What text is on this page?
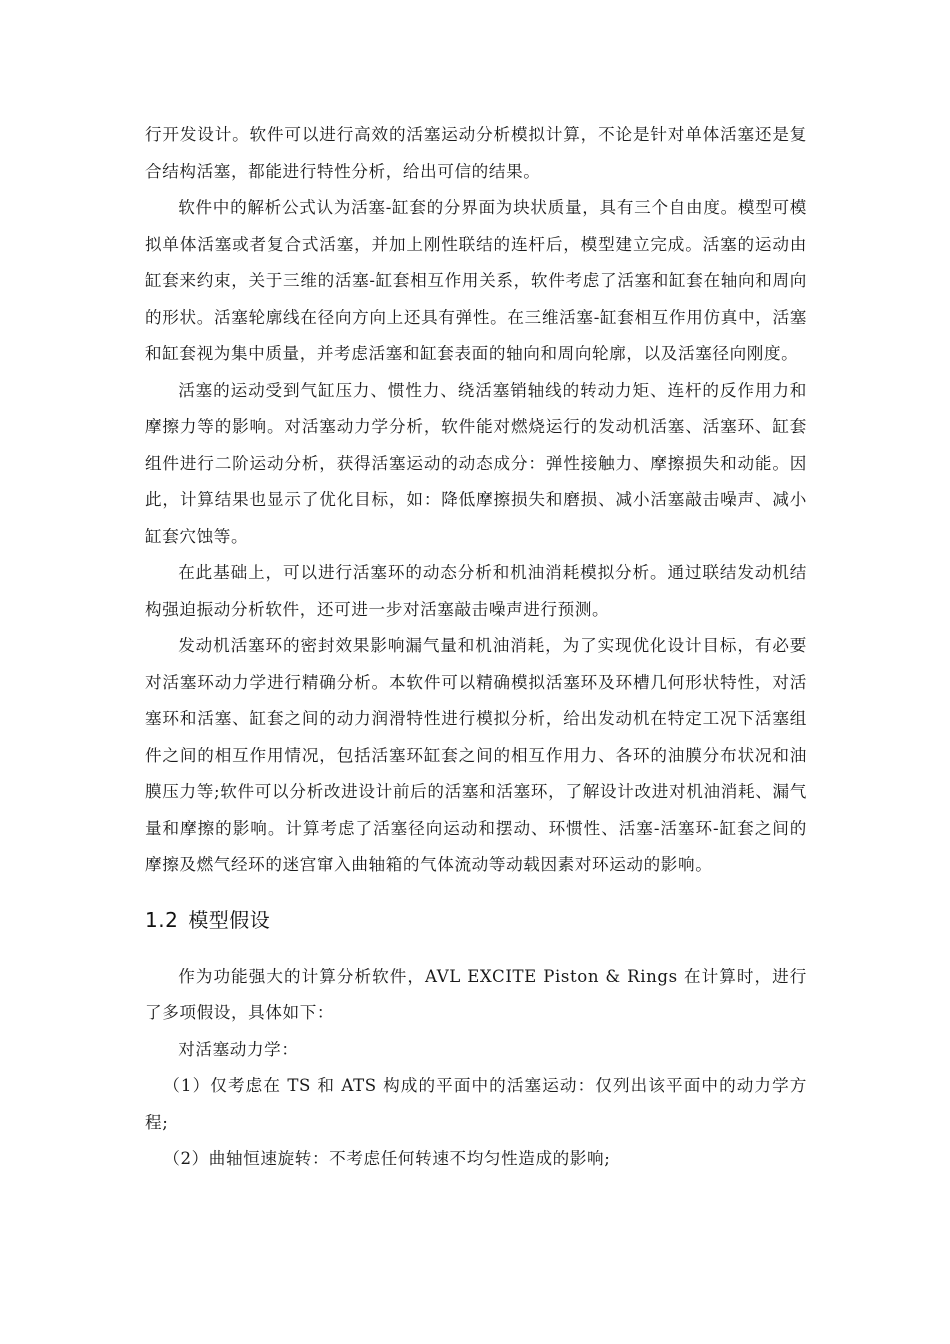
行开发设计。软件可以进行高效的活塞运动分析模拟计算，不论是针对单体活塞还是复合结构活塞，都能进行特性分析，给出可信的结果。

软件中的解析公式认为活塞-缸套的分界面为块状质量，具有三个自由度。模型可模拟单体活塞或者复合式活塞，并加上刚性联结的连杆后，模型建立完成。活塞的运动由缸套来约束，关于三维的活塞-缸套相互作用关系，软件考虑了活塞和缸套在轴向和周向的形状。活塞轮廓线在径向方向上还具有弹性。在三维活塞-缸套相互作用仿真中，活塞和缸套视为集中质量，并考虑活塞和缸套表面的轴向和周向轮廓，以及活塞径向刚度。

活塞的运动受到气缸压力、惯性力、绕活塞销轴线的转动力矩、连杆的反作用力和摩擦力等的影响。对活塞动力学分析，软件能对燃烧运行的发动机活塞、活塞环、缸套组件进行二阶运动分析，获得活塞运动的动态成分：弹性接触力、摩擦损失和动能。因此，计算结果也显示了优化目标，如：降低摩擦损失和磨损、减小活塞敲击噪声、减小缸套穴蚀等。

在此基础上，可以进行活塞环的动态分析和机油消耗模拟分析。通过联结发动机结构强迫振动分析软件，还可进一步对活塞敲击噪声进行预测。

发动机活塞环的密封效果影响漏气量和机油消耗，为了实现优化设计目标，有必要对活塞环动力学进行精确分析。本软件可以精确模拟活塞环及环槽几何形状特性，对活塞环和活塞、缸套之间的动力润滑特性进行模拟分析，给出发动机在特定工况下活塞组件之间的相互作用情况，包括活塞环缸套之间的相互作用力、各环的油膜分布状况和油膜压力等;软件可以分析改进设计前后的活塞和活塞环，了解设计改进对机油消耗、漏气量和摩擦的影响。计算考虑了活塞径向运动和摆动、环惯性、活塞-活塞环-缸套之间的摩擦及燃气经环的迷宫窜入曲轴箱的气体流动等动载因素对环运动的影响。

1.2 模型假设

作为功能强大的计算分析软件，AVL EXCITE Piston & Rings 在计算时，进行了多项假设，具体如下：

对活塞动力学：

（1）仅考虑在 TS 和 ATS 构成的平面中的活塞运动：仅列出该平面中的动力学方程;

（2）曲轴恒速旋转：不考虑任何转速不均匀性造成的影响;
